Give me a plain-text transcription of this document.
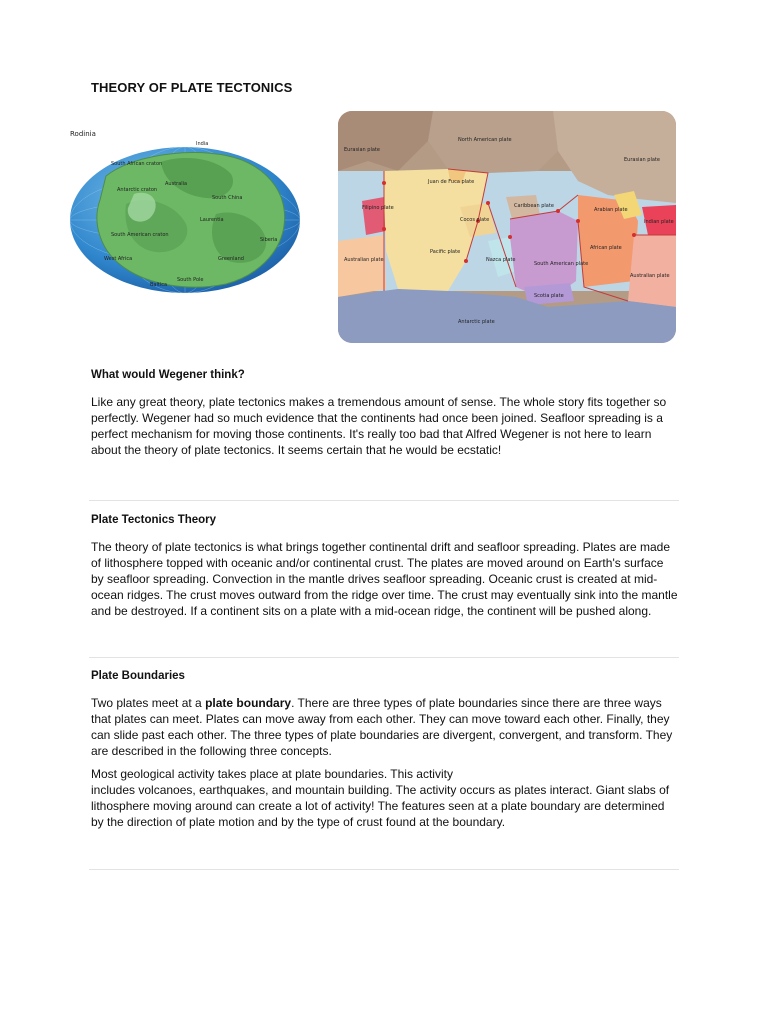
THEORY OF PLATE TECTONICS
Rodinia
India
South African craton
Australia
Antarctic craton
South China
Laurentia
South American craton
Siberia
West Africa	Greenland
South Pole
Baltica
Eurasian plate
North American plate
Eurasian plate
Juan de Fuca plate
Caribbean plate
Filipino plate
Cocos plate
Arabian plate
Pacific plate
Nazca plate
South American plate
African plate
Australian plate
Indian plate
Australian plate
Scotia plate
Antarctic plate
What would Wegener think?

Like any great theory, plate tectonics makes a tremendous amount of sense. The whole story fits together so perfectly. Wegener had so much evidence that the continents had once been joined. Seafloor spreading is a perfect mechanism for moving those continents. It's really too bad that Alfred Wegener is not here to learn about the theory of plate tectonics. It seems certain that he would be ecstatic!

Plate Tectonics Theory

The theory of plate tectonics is what brings together continental drift and seafloor spreading. Plates are made of lithosphere topped with oceanic and/or continental crust. The plates are moved around on Earth's surface by seafloor spreading. Convection in the mantle drives seafloor spreading. Oceanic crust is created at mid-ocean ridges. The crust moves outward from the ridge over time. The crust may eventually sink into the mantle and be destroyed. If a continent sits on a plate with a mid-ocean ridge, the continent will be pushed along.

Plate Boundaries

Two plates meet at a plate boundary. There are three types of plate boundaries since there are three ways that plates can meet. Plates can move away from each other. They can move toward each other. Finally, they can slide past each other. The three types of plate boundaries are divergent, convergent, and transform. They are described in the following three concepts.

Most geological activity takes place at plate boundaries. This activity
includes volcanoes, earthquakes, and mountain building. The activity occurs as plates interact. Giant slabs of lithosphere moving around can create a lot of activity! The features seen at a plate boundary are determined by the direction of plate motion and by the type of crust found at the boundary.
